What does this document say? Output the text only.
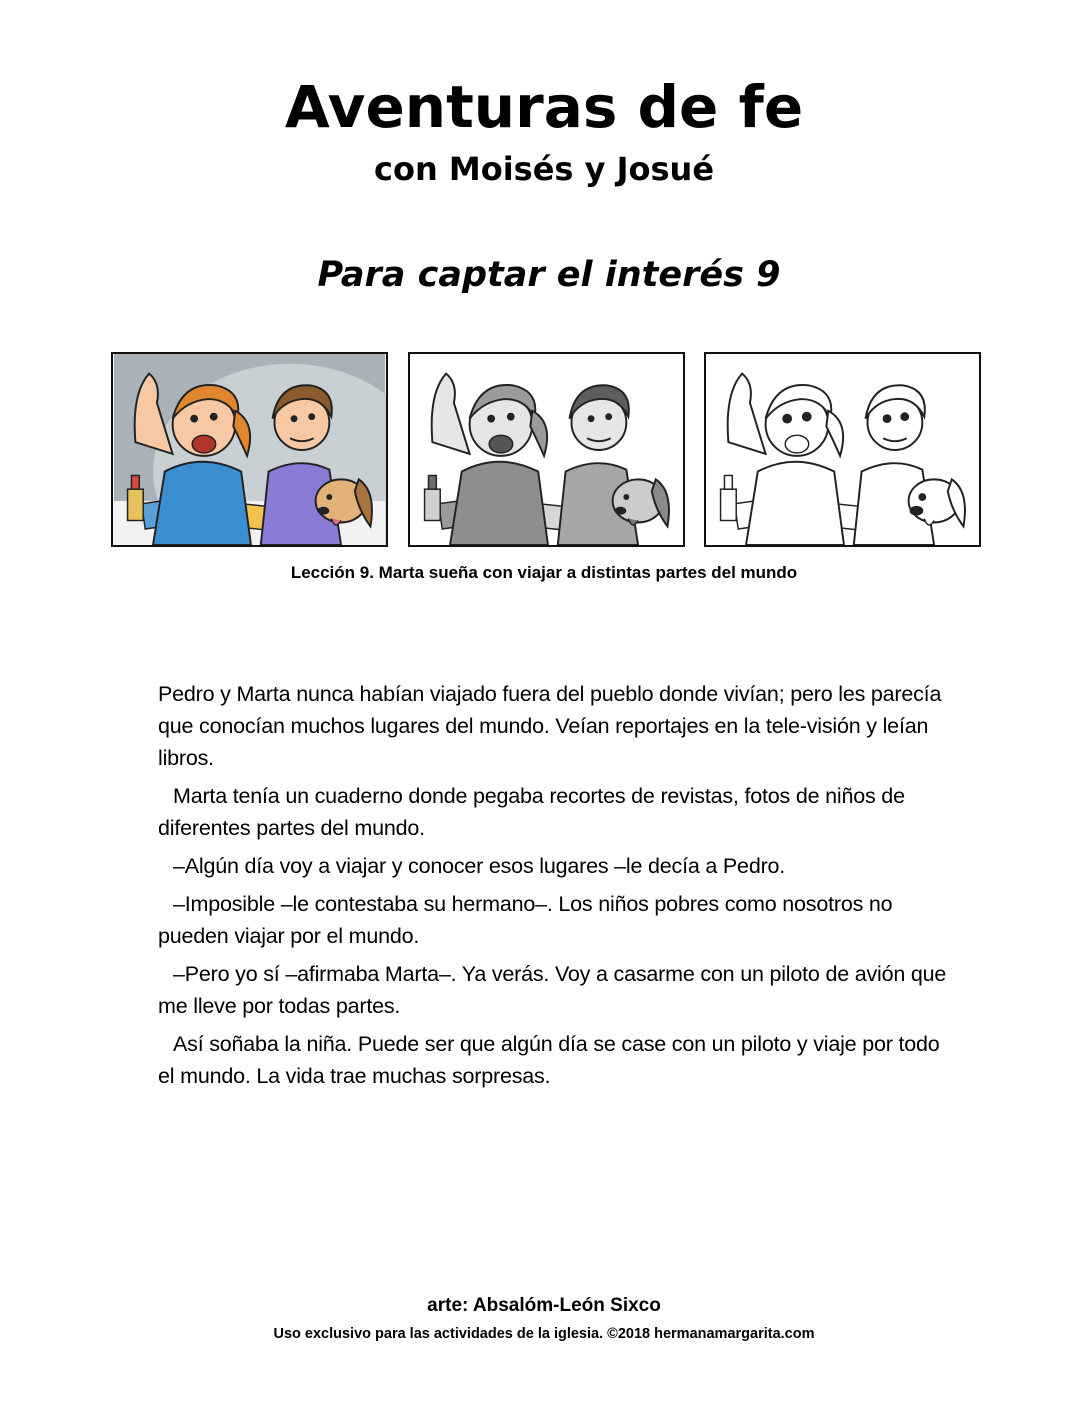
Aventuras de fe
con Moisés y Josué
Para captar el interés 9
Lección 9. Marta sueña con viajar a distintas partes del mundo

Pedro y Marta nunca habían viajado fuera del pueblo donde vivían; pero les parecía que conocían muchos lugares del mundo. Veían reportajes en la tele-visión y leían libros.

Marta tenía un cuaderno donde pegaba recortes de revistas, fotos de niños de diferentes partes del mundo.

–Algún día voy a viajar y conocer esos lugares –le decía a Pedro.

–Imposible –le contestaba su hermano–. Los niños pobres como nosotros no pueden viajar por el mundo.

–Pero yo sí –afirmaba Marta–. Ya verás. Voy a casarme con un piloto de avión que me lleve por todas partes.

Así soñaba la niña. Puede ser que algún día se case con un piloto y viaje por todo el mundo. La vida trae muchas sorpresas.

arte: Absalóm-León Sixco
Uso exclusivo para las actividades de la iglesia. ©2018 hermanamargarita.com
